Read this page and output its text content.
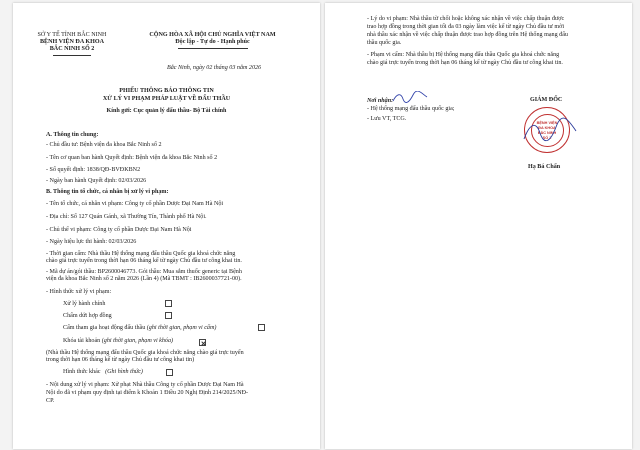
SỞ Y TẾ TỈNH BẮC NINH
BỆNH VIỆN ĐA KHOA
BẮC NINH SỐ 2
CỘNG HÒA XÃ HỘI CHỦ NGHĨA VIỆT NAM
Độc lập - Tự do - Hạnh phúc
Bắc Ninh, ngày 02 tháng 03 năm 2026
PHIẾU THÔNG BÁO THÔNG TIN
XỬ LÝ VI PHẠM PHÁP LUẬT VỀ ĐẤU THẦU
Kính gửi: Cục quản lý đấu thầu- Bộ Tài chính
A. Thông tin chung:
- Chủ đầu tư: Bệnh viện đa khoa Bắc Ninh số 2
- Tên cơ quan ban hành Quyết định: Bệnh viện đa khoa Bắc Ninh số 2
- Số quyết định: 1838/QĐ-BVĐKBN2
- Ngày ban hành Quyết định: 02/03/2026
B. Thông tin tổ chức, cá nhân bị xử lý vi phạm:
- Tên tổ chức, cá nhân vi phạm: Công ty cổ phần Dược Đại Nam Hà Nội
- Địa chỉ: Số 127 Quán Gánh, xã Thường Tín, Thành phố Hà Nội.
- Chủ thể vi phạm: Công ty cổ phần Dược Đại Nam Hà Nội
- Ngày hiệu lực thi hành: 02/03/2026
- Thời gian cấm: Nhà thầu Hệ thống mạng đấu thầu Quốc gia khoá chức năng
chào giá trực tuyến trong thời hạn 06 tháng kể từ ngày Chủ đầu tư công khai tin.
- Mã dự án/gói thầu: BP2600046773. Gói thầu: Mua sắm thuốc generic tại Bệnh
viện đa khoa Bắc Ninh số 2 năm 2026 (Lần 4) (Mã TBMT : IB2600037721-00).
- Hình thức xử lý vi phạm:
Xử lý hành chính
Chấm dứt hợp đồng
Cấm tham gia hoạt động đấu thầu (ghi thời gian, phạm vi cấm)
Khóa tài khoản (ghi thời gian, phạm vi khóa)
(Nhà thầu Hệ thống mạng đấu thầu Quốc gia khoá chức năng chào giá trực tuyến
trong thời hạn 06 tháng kể từ ngày Chủ đầu tư công khai tin)
Hình thức khác (Ghi hình thức)
- Nội dung xử lý vi phạm: Xử phạt Nhà thầu Công ty cổ phần Dược Đại Nam Hà
Nội do đã vi phạm quy định tại điểm k Khoản 1 Điều 20 Nghị Định 214/2025/NĐ-
CP.
- Lý do vi phạm: Nhà thầu từ chối hoặc không xác nhận về việc chấp thuận được
trao hợp đồng trong thời gian tối đa 03 ngày làm việc kể từ ngày Chủ đầu tư mời
nhà thầu xác nhận về việc chấp thuận được trao hợp đồng trên Hệ thống mạng đấu
thầu quốc gia.
- Phạm vi cấm: Nhà thầu bị Hệ thống mạng đấu thầu Quốc gia khoá chức năng
chào giá trực tuyến trong thời hạn 06 tháng kể từ ngày Chủ đầu tư công khai tin.
Nơi nhận:
- Hệ thống mạng đấu thầu quốc gia;
- Lưu VT, TCG.
GIÁM ĐỐC
BỆNH VIỆN
ĐA KHOA
BẮC NINH
SỐ 2
Hạ Bá Chấn
